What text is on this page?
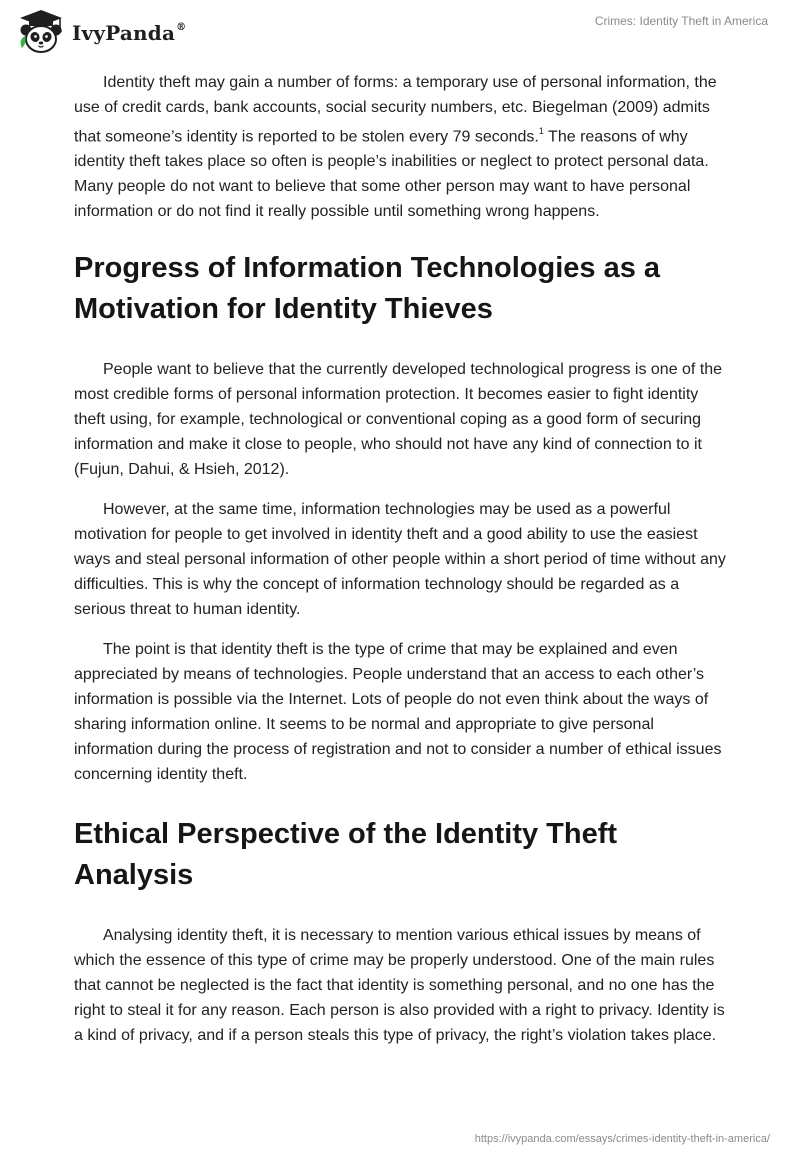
IvyPanda®	Crimes: Identity Theft in America

Identity theft may gain a number of forms: a temporary use of personal information, the use of credit cards, bank accounts, social security numbers, etc. Biegelman (2009) admits that someone’s identity is reported to be stolen every 79 seconds.$^1$ The reasons of why identity theft takes place so often is people’s inabilities or neglect to protect personal data. Many people do not want to believe that some other person may want to have personal information or do not find it really possible until something wrong happens.

Progress of Information Technologies as a Motivation for Identity Thieves

People want to believe that the currently developed technological progress is one of the most credible forms of personal information protection. It becomes easier to fight identity theft using, for example, technological or conventional coping as a good form of securing information and make it close to people, who should not have any kind of connection to it (Fujun, Dahui, & Hsieh, 2012).

However, at the same time, information technologies may be used as a powerful motivation for people to get involved in identity theft and a good ability to use the easiest ways and steal personal information of other people within a short period of time without any difficulties. This is why the concept of information technology should be regarded as a serious threat to human identity.

The point is that identity theft is the type of crime that may be explained and even appreciated by means of technologies. People understand that an access to each other’s information is possible via the Internet. Lots of people do not even think about the ways of sharing information online. It seems to be normal and appropriate to give personal information during the process of registration and not to consider a number of ethical issues concerning identity theft.

Ethical Perspective of the Identity Theft Analysis

Analysing identity theft, it is necessary to mention various ethical issues by means of which the essence of this type of crime may be properly understood. One of the main rules that cannot be neglected is the fact that identity is something personal, and no one has the right to steal it for any reason. Each person is also provided with a right to privacy. Identity is a kind of privacy, and if a person steals this type of privacy, the right’s violation takes place.

https://ivypanda.com/essays/crimes-identity-theft-in-america/
